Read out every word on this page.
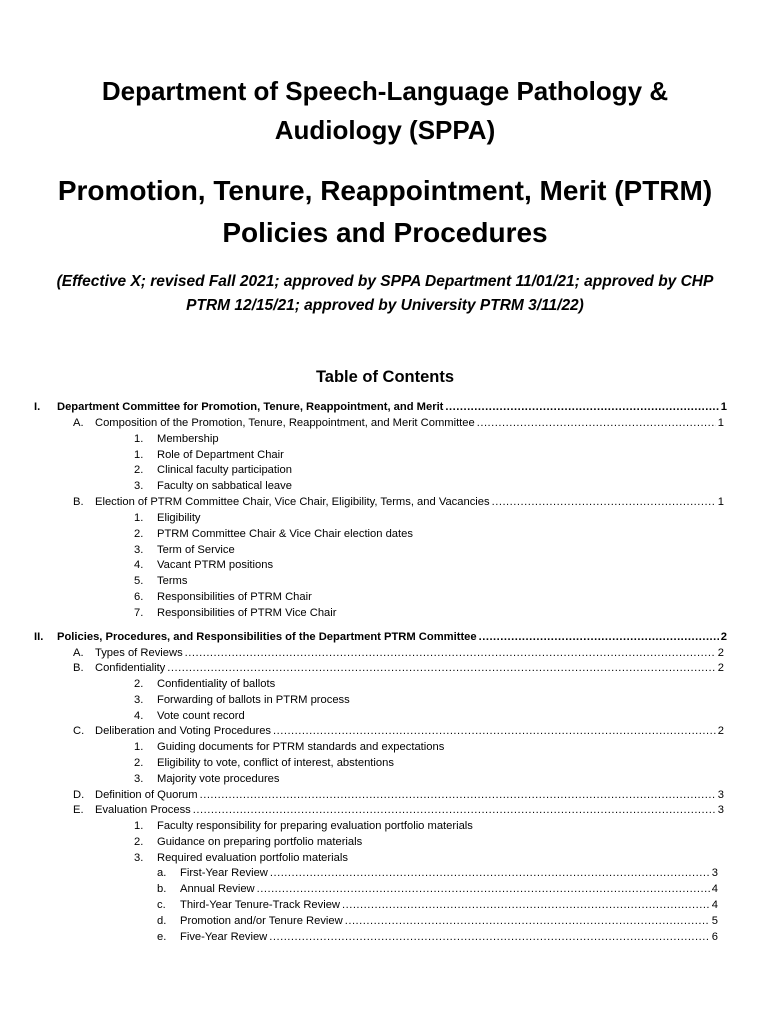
Department of Speech-Language Pathology & Audiology (SPPA)
Promotion, Tenure, Reappointment, Merit (PTRM) Policies and Procedures

(Effective X; revised Fall 2021; approved by SPPA Department 11/01/21; approved by CHP PTRM 12/15/21; approved by University PTRM 3/11/22)

Table of Contents
I. Department Committee for Promotion, Tenure, Reappointment, and Merit .....	1
A. Composition of the Promotion, Tenure, Reappointment, and Merit Committee .....	1
1. Membership
1. Role of Department Chair
2. Clinical faculty participation
3. Faculty on sabbatical leave
B. Election of PTRM Committee Chair, Vice Chair, Eligibility, Terms, and Vacancies .....	1
1. Eligibility
2. PTRM Committee Chair & Vice Chair election dates
3. Term of Service
4. Vacant PTRM positions
5. Terms
6. Responsibilities of PTRM Chair
7. Responsibilities of PTRM Vice Chair
II. Policies, Procedures, and Responsibilities of the Department PTRM Committee .....	2
A. Types of Reviews .....	2
B. Confidentiality .....	2
2. Confidentiality of ballots
3. Forwarding of ballots in PTRM process
4. Vote count record
C. Deliberation and Voting Procedures .....	2
1. Guiding documents for PTRM standards and expectations
2. Eligibility to vote, conflict of interest, abstentions
3. Majority vote procedures
D. Definition of Quorum .....	3
E. Evaluation Process .....	3
1. Faculty responsibility for preparing evaluation portfolio materials
2. Guidance on preparing portfolio materials
3. Required evaluation portfolio materials
a. First-Year Review .....	3
b. Annual Review .....	4
c. Third-Year Tenure-Track Review .....	4
d. Promotion and/or Tenure Review .....	5
e. Five-Year Review .....	6
